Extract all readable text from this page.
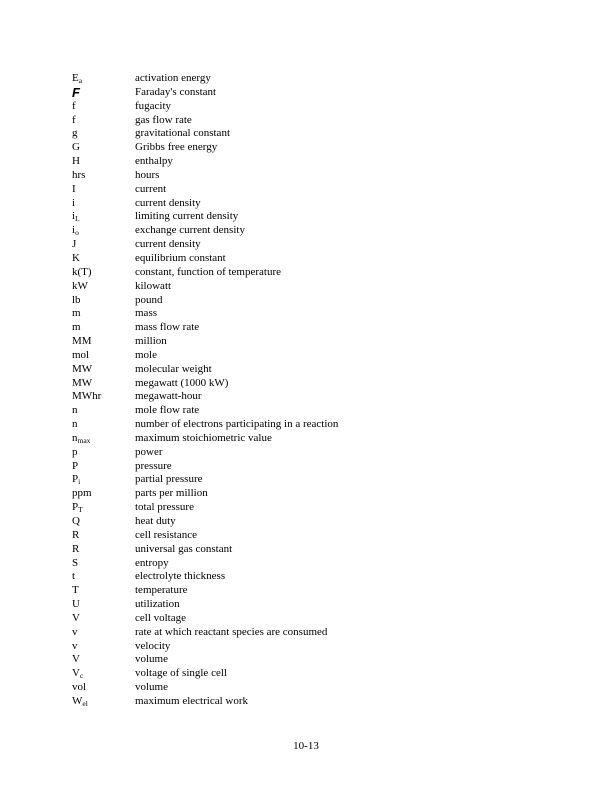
$E_a$	activation energy
F	Faraday's constant
f	fugacity
f	gas flow rate
g	gravitational constant
G	Gribbs free energy
H	enthalpy
hrs	hours
I	current
i	current density
$i_L$	limiting current density
$i_o$	exchange current density
J	current density
K	equilibrium constant
k(T)	constant, function of temperature
kW	kilowatt
lb	pound
m	mass
m	mass flow rate
MM	million
mol	mole
MW	molecular weight
MW	megawatt (1000 kW)
MWhr	megawatt-hour
n	mole flow rate
n	number of electrons participating in a reaction
$n_{max}$	maximum stoichiometric value
p	power
P	pressure
$P_i$	partial pressure
ppm	parts per million
$P_T$	total pressure
Q	heat duty
R	cell resistance
R	universal gas constant
S	entropy
t	electrolyte thickness
T	temperature
U	utilization
V	cell voltage
v	rate at which reactant species are consumed
v	velocity
V	volume
$V_c$	voltage of single cell
vol	volume
$W_{el}$	maximum electrical work
10-13
